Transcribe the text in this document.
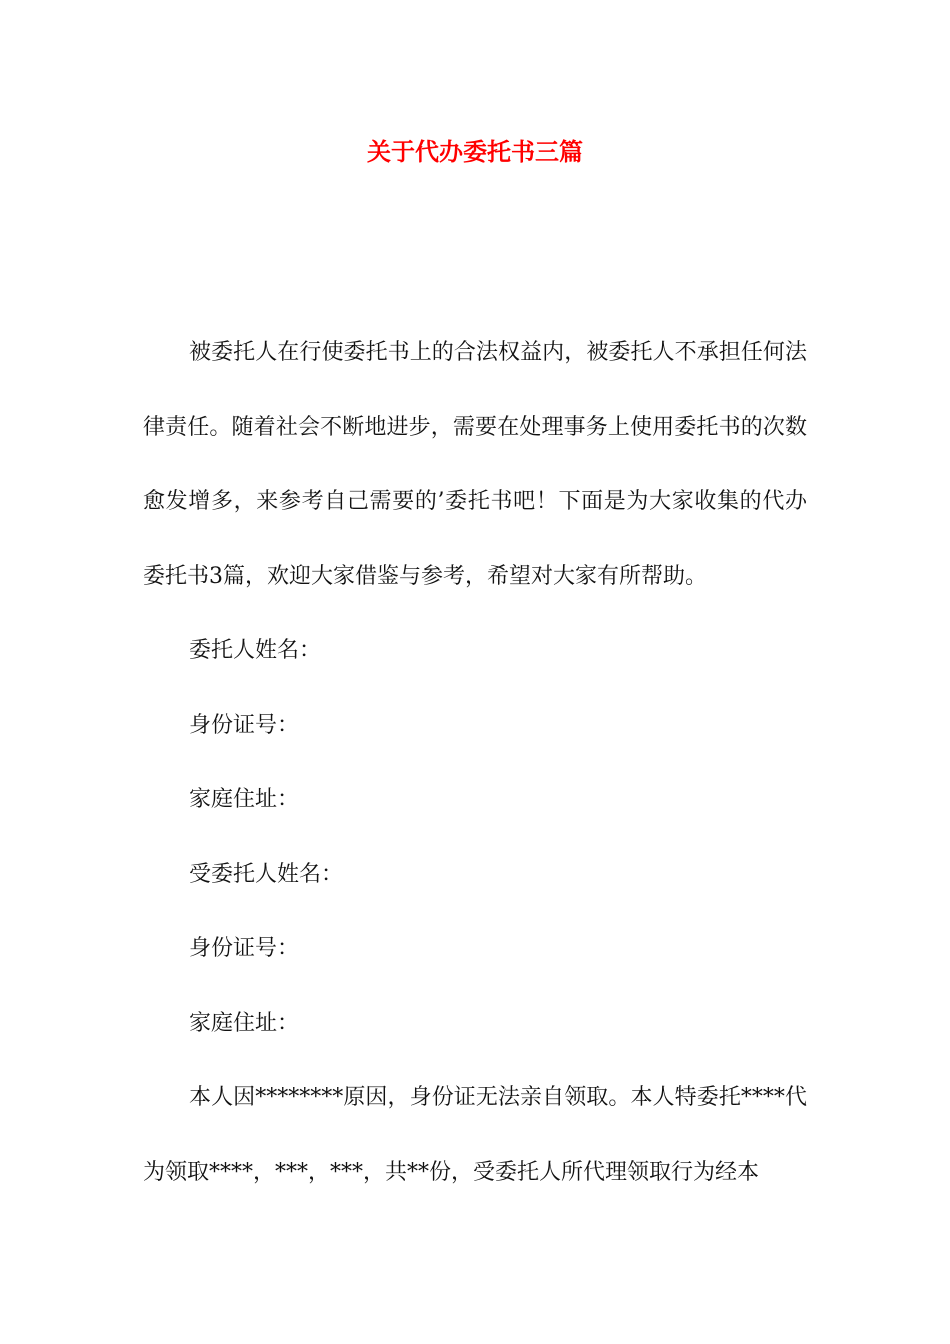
关于代办委托书三篇

被委托人在行使委托书上的合法权益内，被委托人不承担任何法律责任。随着社会不断地进步，需要在处理事务上使用委托书的次数愈发增多，来参考自己需要的’委托书吧！下面是为大家收集的代办委托书3篇，欢迎大家借鉴与参考，希望对大家有所帮助。

委托人姓名：

身份证号：

家庭住址：

受委托人姓名：

身份证号：

家庭住址：

本人因********原因，身份证无法亲自领取。本人特委托****代为领取****，***，***，共**份，受委托人所代理领取行为经本
